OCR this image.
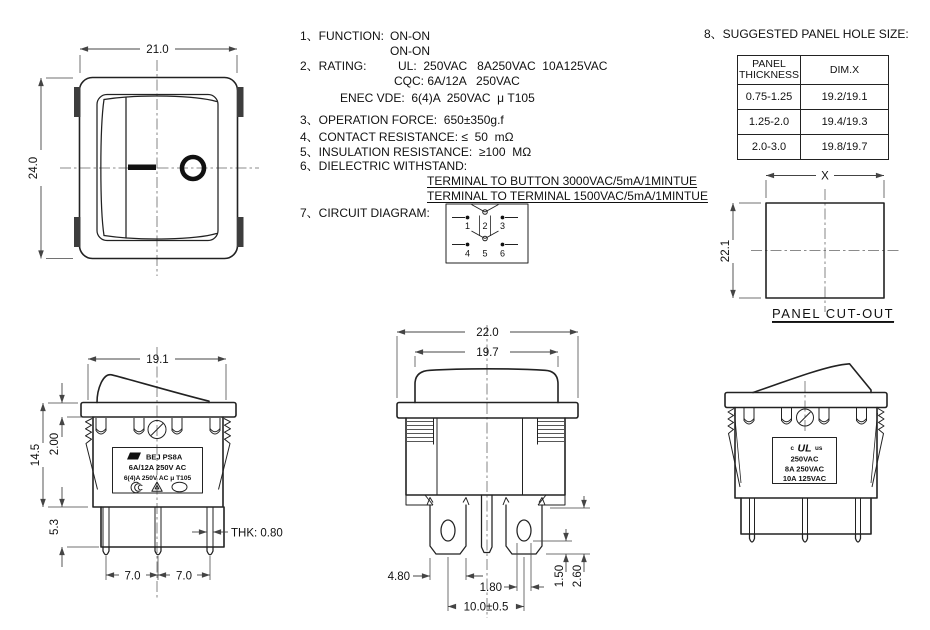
21.0
24.0
1 2 3
4 5 6
X
22.1
BEJ PS8A
6A/12A 250V AC
6(4)A 250V AC μ T105
19.1
14.5 2.00
5.3	THK: 0.80
7.0	7.0
22.0
19.7
4.80
1.80
10.0±0.5
1.50 2.60
c UL us
250VAC
8A 250VAC
10A 125VAC
1、FUNCTION: ON-ON
ON-ON
2、RATING:	UL:  250VAC   8A250VAC  10A125VAC
CQC: 6A/12A   250VAC
ENEC VDE:  6(4)A  250VAC  μ T105
3、OPERATION FORCE:  650±350g.f
4、CONTACT RESISTANCE: ≤  50  mΩ
5、INSULATION RESISTANCE:  ≥100  MΩ
6、DIELECTRIC WITHSTAND:
TERMINAL TO BUTTON 3000VAC/5mA/1MINTUE
TERMINAL TO TERMINAL 1500VAC/5mA/1MINTUE
7、CIRCUIT DIAGRAM:
8、SUGGESTED PANEL HOLE SIZE:
PANEL
THICKNESS	DIM.X
0.75-1.25	19.2/19.1
1.25-2.0	19.4/19.3
2.0-3.0	19.8/19.7
PANEL CUT-OUT
